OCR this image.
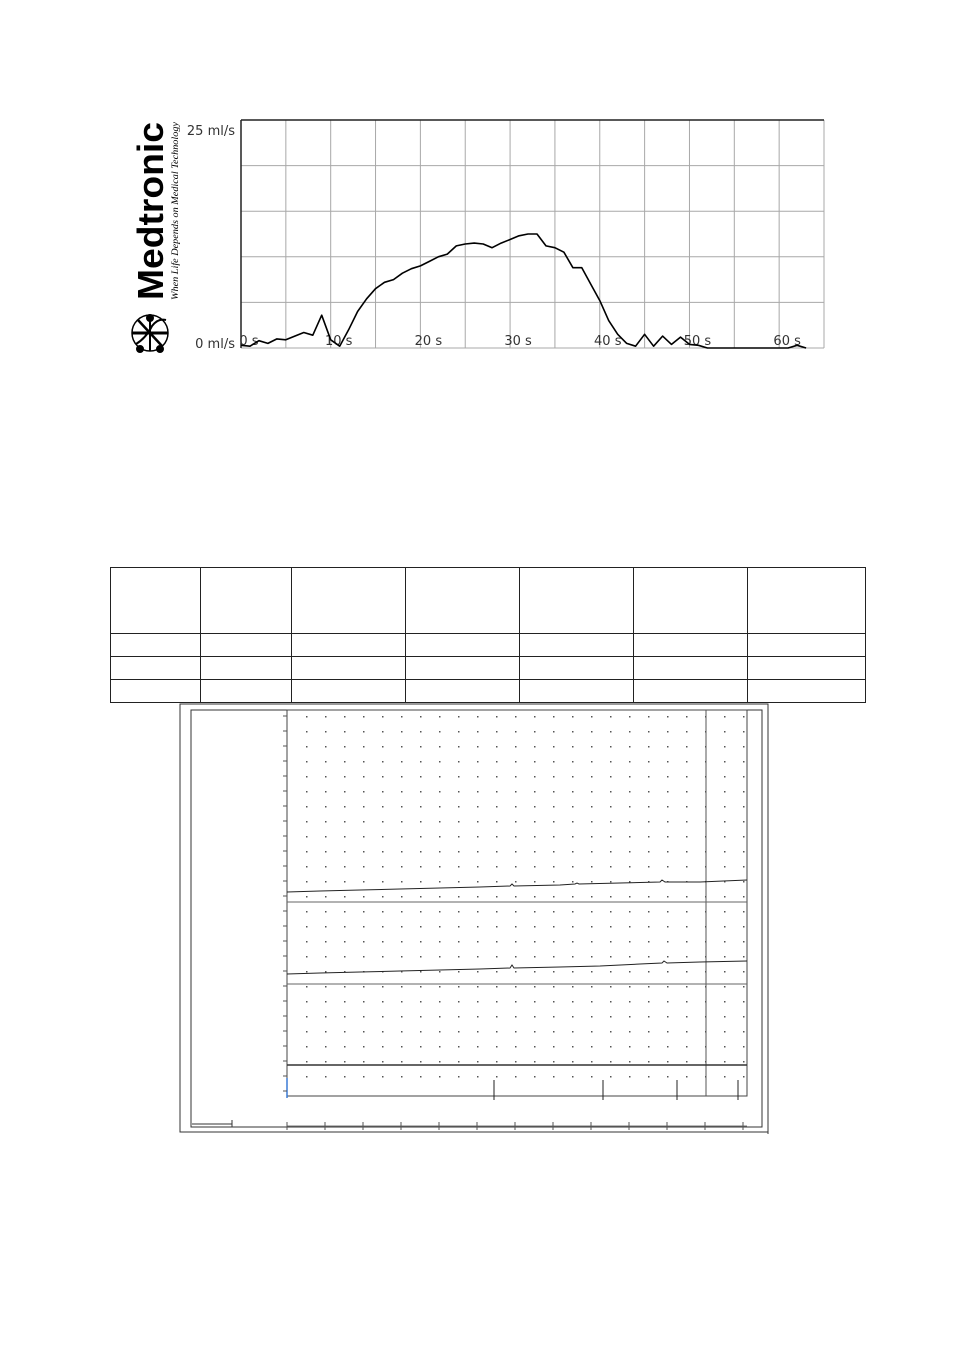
Medtronic When Life Depends on Medical Technology
0 s	10 s	20 s	30 s	40 s	50 s	60 s
25 ml/s
0 ml/s
